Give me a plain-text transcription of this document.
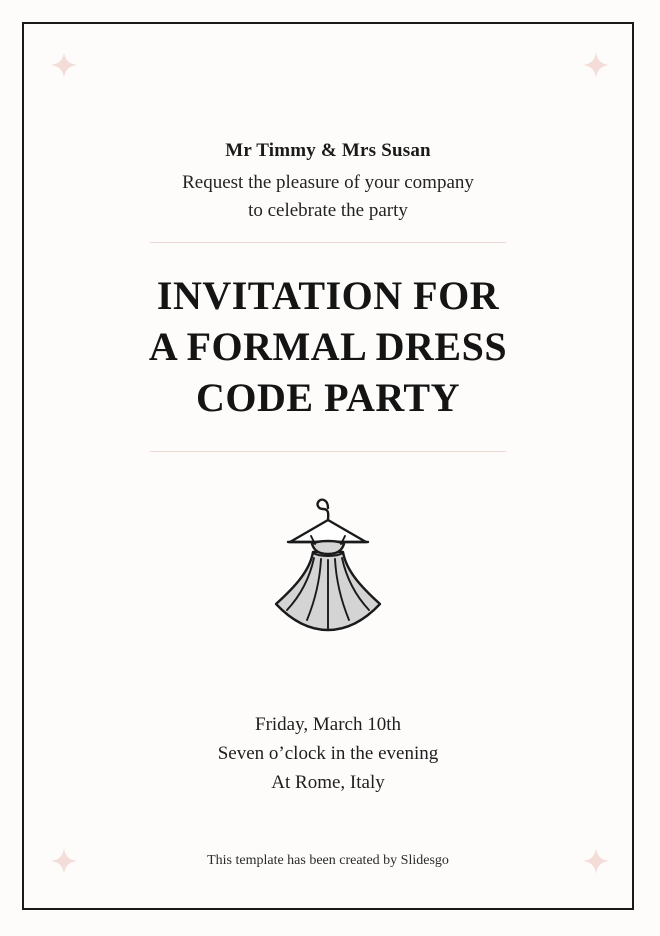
Mr Timmy & Mrs Susan
Request the pleasure of your company
to celebrate the party
INVITATION FOR
A FORMAL DRESS
CODE PARTY
Friday, March 10th
Seven o’clock in the evening
At Rome, Italy
This template has been created by Slidesgo
